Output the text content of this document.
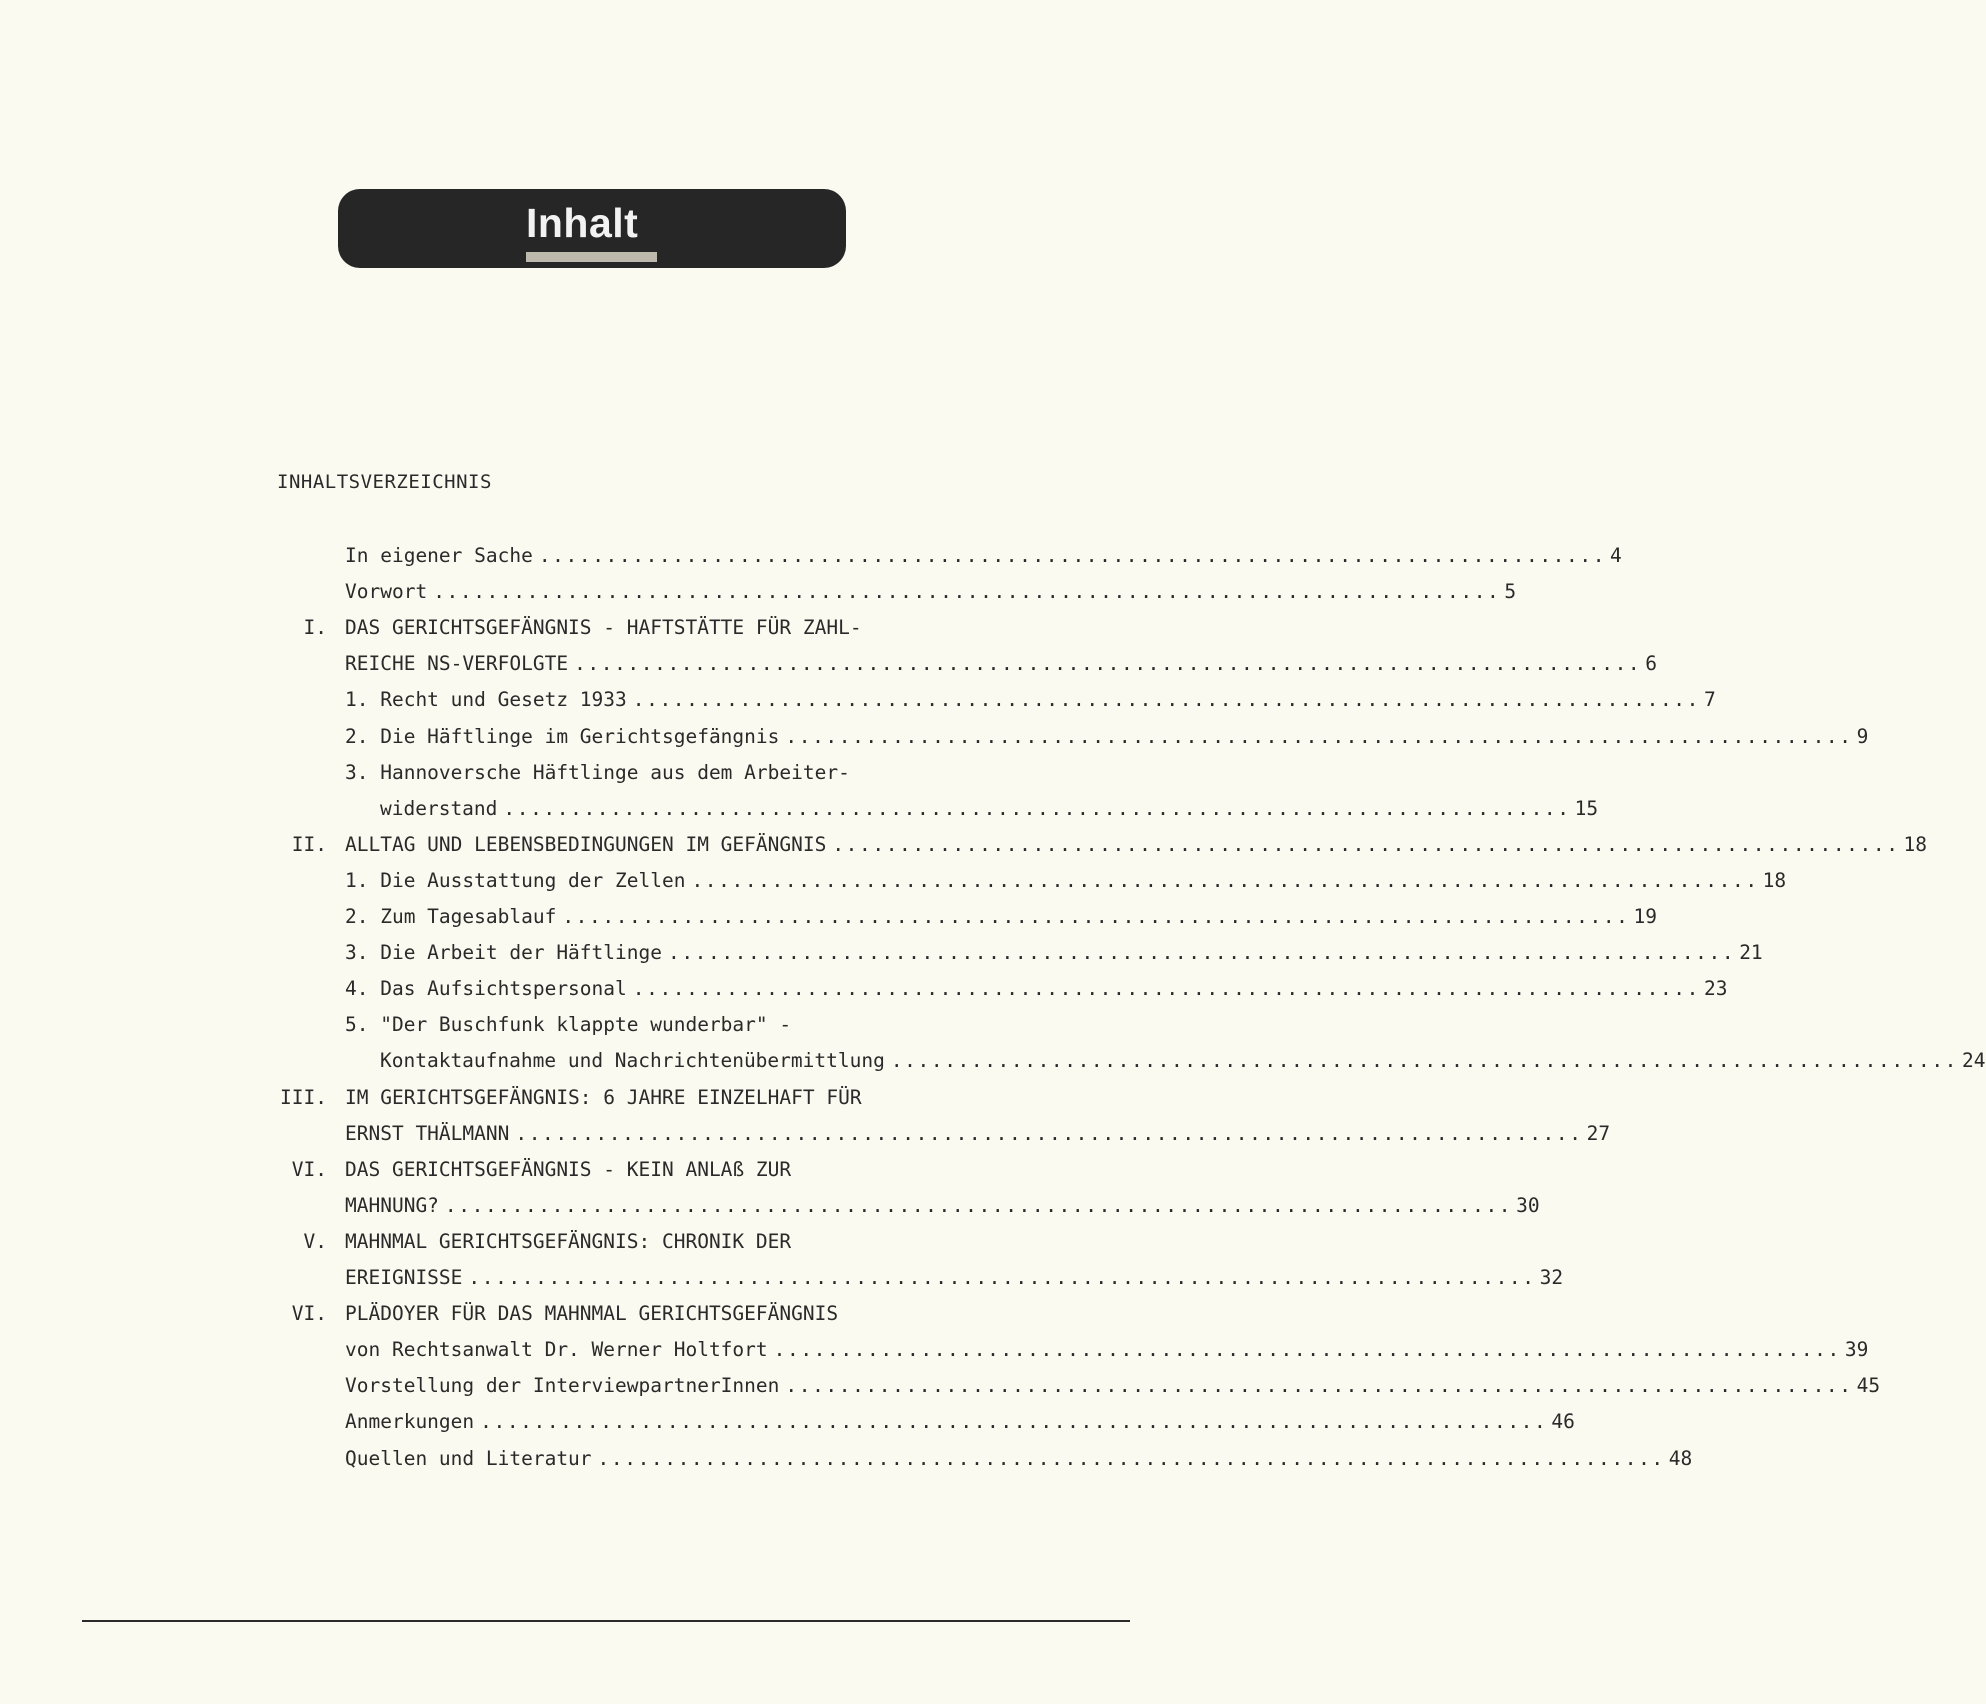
Inhalt
INHALTSVERZEICHNIS
In eigener Sache ................................................................................ 4
Vorwort ................................................................................ 5
I. DAS GERICHTSGEFÄNGNIS - HAFTSTÄTTE FÜR ZAHL-
REICHE NS-VERFOLGTE ................................................................................ 6
1. Recht und Gesetz 1933 ................................................................................ 7
2. Die Häftlinge im Gerichtsgefängnis ................................................................................ 9
3. Hannoversche Häftlinge aus dem Arbeiter-
widerstand ................................................................................ 15
II. ALLTAG UND LEBENSBEDINGUNGEN IM GEFÄNGNIS ................................................................................ 18
1. Die Ausstattung der Zellen ................................................................................ 18
2. Zum Tagesablauf ................................................................................ 19
3. Die Arbeit der Häftlinge ................................................................................ 21
4. Das Aufsichtspersonal ................................................................................ 23
5. "Der Buschfunk klappte wunderbar" -
Kontaktaufnahme und Nachrichtenübermittlung ................................................................................ 24
III. IM GERICHTSGEFÄNGNIS: 6 JAHRE EINZELHAFT FÜR
ERNST THÄLMANN ................................................................................ 27
VI. DAS GERICHTSGEFÄNGNIS - KEIN ANLAß ZUR
MAHNUNG? ................................................................................ 30
V. MAHNMAL GERICHTSGEFÄNGNIS: CHRONIK DER
EREIGNISSE ................................................................................ 32
VI. PLÄDOYER FÜR DAS MAHNMAL GERICHTSGEFÄNGNIS
von Rechtsanwalt Dr. Werner Holtfort ................................................................................ 39
Vorstellung der InterviewpartnerInnen ................................................................................ 45
Anmerkungen ................................................................................ 46
Quellen und Literatur ................................................................................ 48
